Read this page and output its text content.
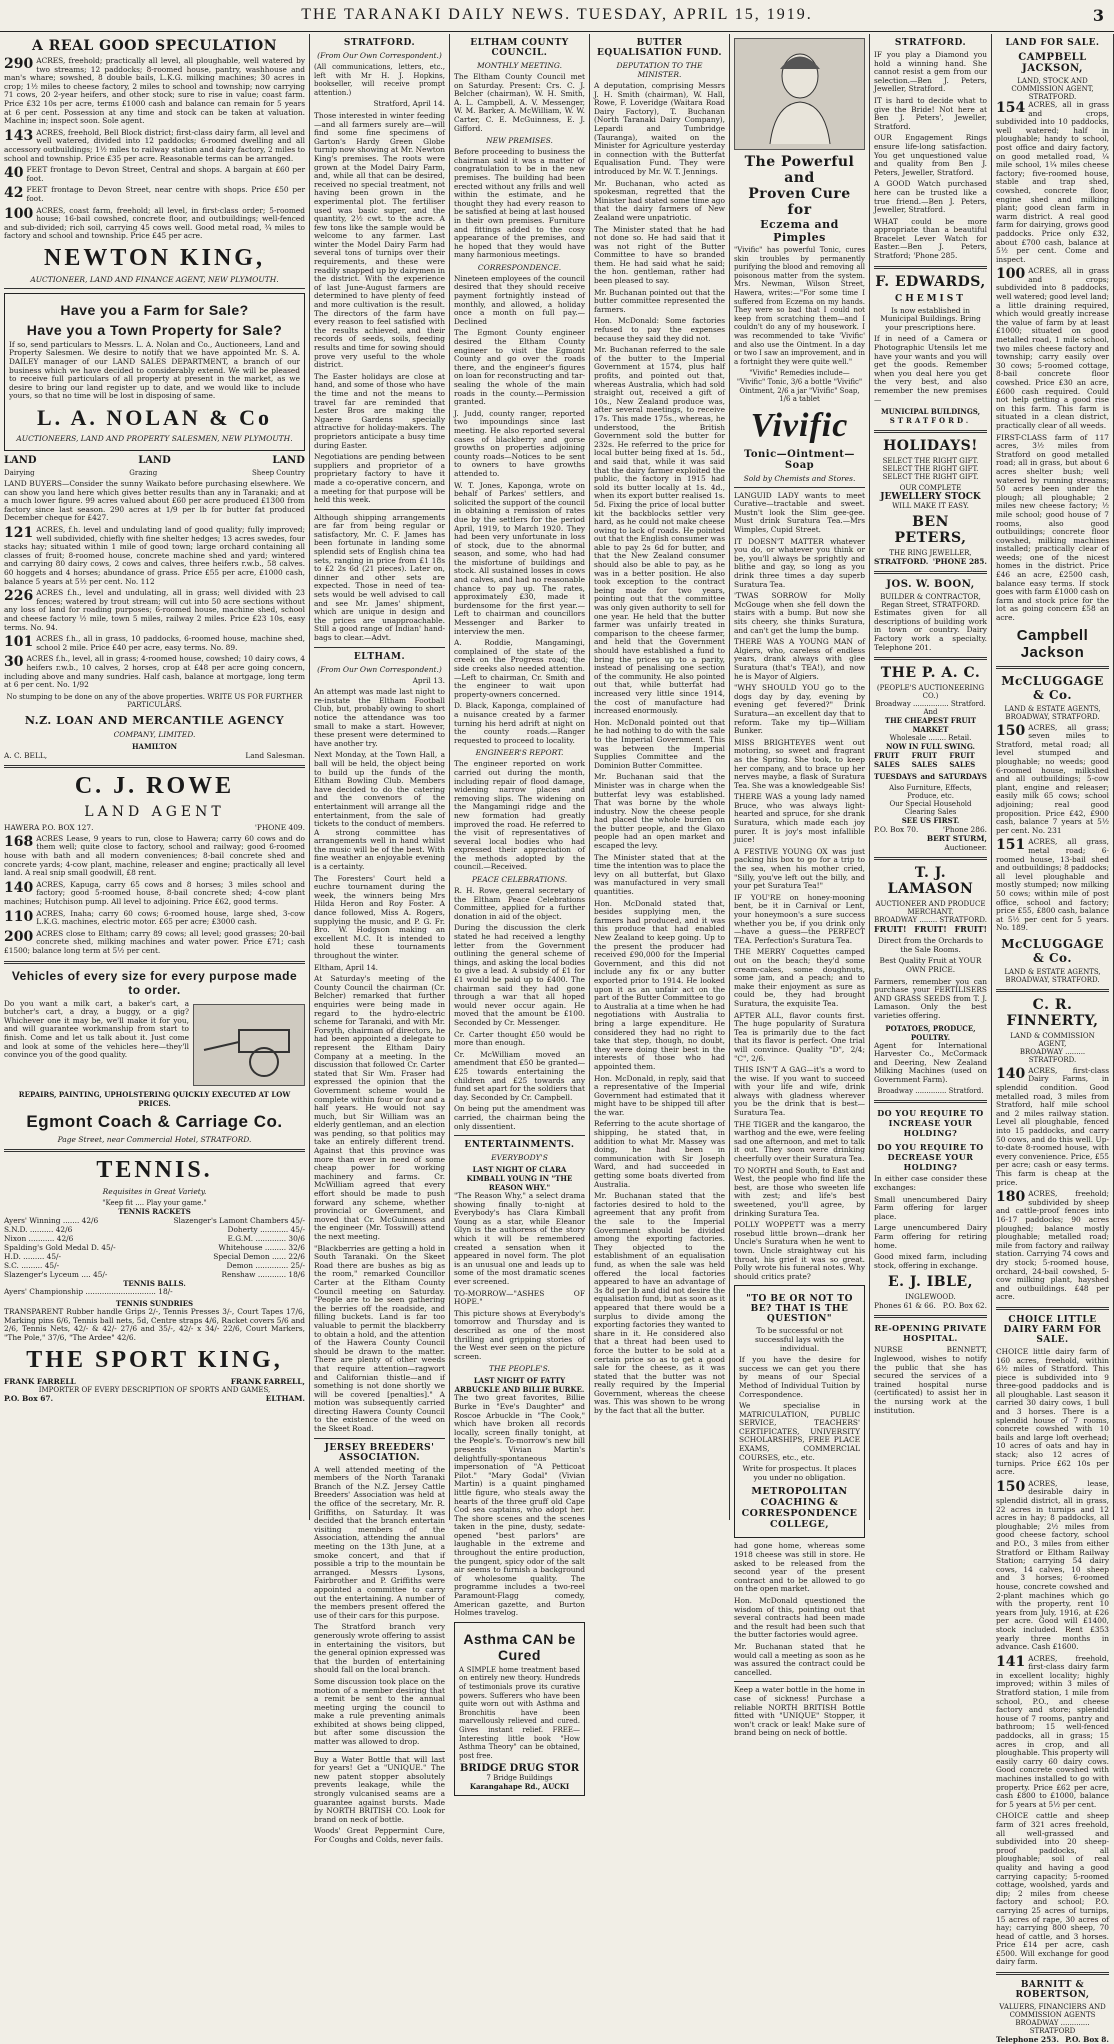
THE TARANAKI DAILY NEWS. TUESDAY, APRIL 15, 1919.	3
A REAL GOOD SPECULATION

290 ACRES, freehold; practically all level, all ploughable, well watered by two streams; 12 paddocks; 8-roomed house, pantry, washhouse and man's whare; sowshed, 8 double bails, L.K.G. milking machines; 30 acres in crop; 1½ miles to cheese factory, 2 miles to school and township; now carrying 71 cows, 20 2-year heifers, and other stock; sure to rise in value; coast farm. Price £32 10s per acre, terms £1000 cash and balance can remain for 5 years at 6 per cent. Possession at any time and stock can be taken at valuation. Machine in; inspect soon. Sole agent.

143 ACRES, freehold, Bell Block district; first-class dairy farm, all level and well watered, divided into 12 paddocks; 6-roomed dwelling and all accessory outbuildings; 1½ miles to railway station and dairy factory, 2 miles to school and township. Price £35 per acre. Reasonable terms can be arranged.

40 FEET frontage to Devon Street, Central and shops. A bargain at £60 per foot.

42 FEET frontage to Devon Street, near centre with shops. Price £50 per foot.

100 ACRES, coast farm, freehold; all level, in first-class order; 5-roomed house; 16-bail cowshed, concrete floor, and outbuildings; well-fenced and sub-divided; rich soil, carrying 45 cows well. Good metal road, ¾ miles to factory and school and township. Price £45 per acre.

NEWTON KING,
AUCTIONEER, LAND AND FINANCE AGENT, NEW PLYMOUTH.
Have you a Farm for Sale?
Have you a Town Property for Sale?

If so, send particulars to Messrs. L. A. Nolan and Co., Auctioneers, Land and Property Salesmen. We desire to notify that we have appointed Mr. S. A. DAILEY manager of our LAND SALES DEPARTMENT, a branch of our business which we have decided to considerably extend. We will be pleased to receive full particulars of all property at present in the market, as we desire to bring our land register up to date, and we would like to include yours, so that no time will be lost in disposing of same.

L. A. NOLAN & Co
AUCTIONEERS, LAND AND PROPERTY SALESMEN, NEW PLYMOUTH.
LAND	LAND	LAND
Dairying	Grazing	Sheep Country

LAND BUYERS—Consider the sunny Waikato before purchasing elsewhere. We can show you land here which gives better results than any in Taranaki; and at a much lower figure. 99 acres valued about £60 per acre produced £1300 from factory since last season. 290 acres at 1/9 per lb for butter fat produced December cheque for £427.

121 ACRES, f.h. level and undulating land of good quality; fully improved; well subdivided, chiefly with fine shelter hedges; 13 acres swedes, four stacks hay; situated within 1 mile of good town; large orchard containing all classes of fruit; 8-roomed house, concrete machine shed and yard; wintered and carrying 80 dairy cows, 2 cows and calves, three heifers r.w.b., 58 calves. 60 hoggets and 4 horses; abundance of grass. Price £55 per acre, £1000 cash, balance 5 years at 5½ per cent. No. 112

226 ACRES f.h., level and undulating, all in grass; well divided with 23 fences; watered by trout stream; will cut into 50 acre sections without any loss of land for roading purposes; 6-roomed house, machine shed, school and cheese factory ½ mile, town 5 miles, railway 2 miles. Price £23 10s, easy terms. No. 94.

101 ACRES f.h., all in grass, 10 paddocks, 6-roomed house, machine shed, school 2 mile. Price £40 per acre, easy terms. No. 89.

30 ACRES f.h., level, all in grass; 4-roomed house, cowshed; 10 dairy cows, 4 heifers r.w.b., 10 calves, 2 horses, crop at £48 per acre going concern, including above and many sundries. Half cash, balance at mortgage, long term at 6 per cent. No. 1/92

No stumping to be done on any of the above properties. WRITE US FOR FURTHER PARTICULARS.

N.Z. LOAN AND MERCANTILE AGENCY
COMPANY, LIMITED.
HAMILTON
A. C. BELL,	Land Salesman.
C. J. ROWE
LAND AGENT
HAWERA P.O. BOX 127.	'PHONE 409.

168 ACRES Lease, 9 years to run, close to Hawera; carry 60 cows and do them well; quite close to factory, school and railway; good 6-roomed house with bath and all modern conveniences; 8-bail concrete shed and concrete yards; 4-cow plant, machine, releaser and engine; practically all level land. A real snip small goodwill, £8 rent.

140 ACRES, Kapuga, carry 65 cows and 8 horses; 3 miles school and factory; good 5-roomed house, 8-bail concrete shed; 4-cow plant machines; Hutchison pump. All level to adjoining. Price £62, good terms.

110 ACRES, Inaha; carry 60 cows; 6-roomed house, large shed, 3-cow L.K.G. machines, electric motor. £65 per acre; £3000 cash.

200 ACRES close to Eltham; carry 89 cows; all level; good grasses; 20-bail concrete shed, milking machines and water power. Price £71; cash £1500; balance long term at 5½ per cent.

Vehicles of every size for every purpose made to order.

Do you want a milk cart, a baker's cart, a butcher's cart, a dray, a buggy, or a gig? Whichever one it may be, we'll make it for you, and will guarantee workmanship from start to finish. Come and let us talk about it. Just come and look at some of the vehicles here—they'll convince you of the good quality.

REPAIRS, PAINTING, UPHOLSTERING QUICKLY EXECUTED AT LOW PRICES.
Egmont Coach & Carriage Co.
Page Street, near Commercial Hotel, STRATFORD.
TENNIS.
Requisites in Great Variety.
"Keep fit .... Play your game."
TENNIS RACKETS
Ayers' Winning ....... 42/6	Slazenger's Lamont Chambers 45/-
S.N.D. .......... 42/6	Doherty ............ 45/-
Nixon ........... 42/6	E.G.M. ............. 30/6
Spalding's Gold Medal D. 45/-	Whitehouse ......... 32/6
H.D. ......... 45/-	Special Demon ...... 22/6
S.C. ......... 45/-	Demon .............. 25/-
Slazenger's Lyceum .... 45/-	Renshaw ............ 18/6
TENNIS BALLS.

Ayers' Championship .............................. 18/-

TENNIS SUNDRIES

TRANSPARENT Rubber handle Grips 2/-, Tennis Presses 3/-, Court Tapes 17/6, Marking pins 6/6, Tennis ball nets, 5d, Centre straps 4/6, Racket covers 5/6 and 2/6, Tennis Nets, 42/- & 42/- 27/6 and 35/-, 42/- x 34/- 22/6, Court Markers, "The Pole," 37/6, "The Ardee" 42/6.

THE SPORT KING,
FRANK FARRELL	FRANK FARRELL,
IMPORTER OF EVERY DESCRIPTION OF SPORTS AND GAMES,
P.O. Box 67.	ELTHAM.
STRATFORD.
(From Our Own Correspondent.)

(All communications, letters, etc., left with Mr H. J. Hopkins, bookseller, will receive prompt attention.)

Stratford, April 14.

Those interested in winter feeding—and all farmers surely are—will find some fine specimens of Garton's Hardy Green Globe turnip now showing at Mr. Newton King's premises. The roots were grown at the Model Dairy Farm, and, while all that can be desired, received no special treatment, not having been grown in the experimental plot. The fertiliser used was basic super, and the quantity, 2½ cwt. to the acre. A few tons like the sample would be welcome to any farmer. Last winter the Model Dairy Farm had several tons of turnips over their requirements, and these were readily snapped up by dairymen in the district. With the experience of last June-August farmers are determined to have plenty of feed and more cultivation is the result. The directors of the farm have every reason to feel satisfied with the results achieved, and their records of seeds, soils, feeding results and time for sowing should prove very useful to the whole district.

The Easter holidays are close at hand, and some of those who have the time and not the means to travel far are reminded that Lester Bros are making the Ngaere Gardens specially attractive for holiday-makers. The proprietors anticipate a busy time during Easter.

Negotiations are pending between suppliers and proprietor of a proprietary factory to have it made a co-operative concern, and a meeting for that purpose will be held this week.

Although shipping arrangements are far from being regular or satisfactory, Mr. C. F. James has been fortunate in landing some splendid sets of English china tea sets, ranging in price from £1 18s to £2 2s 6d (21 pieces). Later on, dinner and other sets are expected. Those in need of tea-sets would be well advised to call and see Mr. James' shipment, which are unique in design and the prices are unapproachable. Still a good range of Indian' hand-bags to clear.—Advt.

ELTHAM.
(From Our Own Correspondent.)

April 13.

An attempt was made last night to re-instate the Eltham Football Club, but, probably owing to short notice the attendance was too small to make a start. However, these present were determined to have another try.

Next Monday, at the Town Hall, a ball will be held, the object being to build up the funds of the Eltham Bowling Club. Members have decided to do the catering and the convenors of the entertainment will arrange all the entertainment, from the sale of tickets to the conduct of members. A strong committee has arrangements well in hand whilst the music will be of the best. With fine weather an enjoyable evening is a certainty.

The Foresters' Court held a euchre tournament during the week, the winners being Mrs Hilda Heron and Roy Foster. A dance followed, Miss A. Rogers, supplying the music, and P. G. Fr. Bro. W. Hodgson making an excellent M.C. It is intended to hold these tournaments throughout the winter.

Eltham, April 14.

At Saturday's meeting of the County Council the chairman (Cr. Belcher) remarked that further enquiries were being made in regard to the hydro-electric scheme for Taranaki, and with Mr. Forsyth, chairman of directors, he had been appointed a delegate to represent the Eltham Dairy Company at a meeting. In the discussion that followed Cr. Carter stated that Sir Wm. Fraser had expressed the opinion that the Government scheme would be complete within four or four and a half years. He would not say much, but Sir William was an elderly gentleman, and an election was pending, so that politics may take an entirely different trend. Against that this province was more than ever in need of some cheap power for working machinery and farms. Cr. McWilliam agreed that every effort should be made to push forward any scheme, whether provincial or Government, and moved that Cr. McGuinness and the engineer (Mr. Tosswill) attend the next meeting.

"Blackberries are getting a hold in South Taranaki. On the Skeet Road there are bushes as big as the room," remarked Councillor Carter at the Eltham County Council meeting on Saturday. "People are to be seen gathering the berries off the roadside, and filling buckets. Land is far too valuable to permit the blackberry to obtain a hold, and the attention of the Hawera County Council should be drawn to the matter. There are plenty of other weeds that require attention—ragwort and Californian thistle—and if something is not done shortly we will be covered [penalties]." A motion was subsequently carried directing Hawera County Council to the existence of the weed on the Skeet Road.

JERSEY BREEDERS' ASSOCIATION.

A well attended meeting of the members of the North Taranaki Branch of the N.Z. Jersey Cattle Breeders' Association was held at the office of the secretary, Mr. R. Griffiths, on Saturday. It was decided that the branch entertain visiting members of the Association, attending the annual meeting on the 13th June, at a smoke concert, and that if possible a trip to the mountain be arranged. Messrs Lysons, Fairbrother and P. Griffiths were appointed a committee to carry out the entertaining. A number of the members present offered the use of their cars for this purpose.

The Stratford branch very generously wrote offering to assist in entertaining the visitors, but the general opinion expressed was that the burden of entertaining should fall on the local branch.

Some discussion took place on the motion of a member desiring that a remit be sent to the annual meeting urging the council to make a rule preventing animals exhibited at shows being clipped, but after some discussion the matter was allowed to drop.

Buy a Water Bottle that will last for years! Get a "UNIQUE." The new patent stopper absolutely prevents leakage, while the strongly vulcanised seams are a guarantee against bursts. Made by NORTH BRITISH CO. Look for brand on neck of bottle.

Woods' Great Peppermint Cure, For Coughs and Colds, never fails.

ELTHAM COUNTY COUNCIL.
MONTHLY MEETING.

The Eltham County Council met on Saturday. Present: Crs. C. J. Belcher (chairman), W. H. Smith, A. L. Campbell, A. V. Messenger, W. M. Barker, A. McWilliam, W. W. Carter, C. E. McGuinness, E. J. Gifford.

NEW PREMISES.

Before proceeding to business the chairman said it was a matter of congratulation to be in the new premises. The building had been erected without any frills and well within the estimate, and he thought they had every reason to be satisfied at being at last housed in their own premises. Furniture and fittings added to the cosy appearance of the premises, and he hoped that they would have many harmonious meetings.

CORRESPONDENCE.

Nineteen employees of the council desired that they should receive payment fortnightly instead of monthly, and allowed, a holiday once a month on full pay.—Declined

The Egmont County engineer desired the Eltham County engineer to visit the Egmont County and go over the roads there, and the engineer's figures on loan for reconstructing and tar-sealing the whole of the main roads in the county.—Permission granted.

J. Judd, county ranger, reported two impoundings since last meeting. He also reported several cases of blackberry and gorse growths on properties adjoining county roads—Notices to be sent to owners to have growths attended to.

W. T. Jones, Kaponga, wrote on behalf of Parkes' settlers, and solicited the support of the council in obtaining a remission of rates due by the settlers for the period April, 1919, to March 1920. They had been very unfortunate in loss of stock, due to the abnormal season, and some, who had had the misfortune of buildings and stock. All sustained losses in cows and calves, and had no reasonable chance to pay up. The rates, approximately £30, made it burdensome for the first year.—Left to chairman and councillors Messenger and Barker to interview the men.

A. Roddie, Mangamingi, complained of the state of the creek on the Progress road; the side creeks also needed attention.—Left to chairman, Cr. Smith and the engineer to wait upon property-owners concerned.

D. Black, Kaponga, complained of a nuisance created by a farmer turning his herd adrift at night on the county roads.—Ranger requested to proceed to locality.

ENGINEER'S REPORT.

The engineer reported on work carried out during the month, including repair of flood damage, widening narrow places and removing slips. The widening on the Mangamingi ridge and the new formation had greatly improved the road. He referred to the visit of representatives of several local bodies who had expressed their appreciation of the methods adopted by the council.—Received.

PEACE CELEBRATIONS.

R. H. Rowe, general secretary of the Eltham Peace Celebrations Committee, applied for a further donation in aid of the object.

During the discussion the clerk stated he had received a lengthy letter from the Government outlining the general scheme of things, and asking the local bodies to give a lead. A subsidy of £1 for £1 would be paid up to £400. The chairman said they had gone through a war that all hoped would never occur again. He moved that the amount be £100. Seconded by Cr. Messenger.

Cr. Carter thought £50 would be more than enough.

Cr. McWilliam moved an amendment that £50 be granted—£25 towards entertaining the children and £25 towards any fund set apart for the soldiers that day. Seconded by Cr. Campbell.

On being put the amendment was carried, the chairman being the only dissentient.

ENTERTAINMENTS.
EVERYBODY'S
LAST NIGHT OF CLARA KIMBALL YOUNG IN "THE REASON WHY."

"The Reason Why," a select drama showing finally to-night at Everybody's has Clara Kimball Young as a star, while Eleanor Glyn is the authoress of the story which it will be remembered created a sensation when it appeared in novel form. The plot is an unusual one and leads up to some of the most dramatic scenes ever screened.

TO-MORROW—"ASHES OF HOPE."

This picture shows at Everybody's tomorrow and Thursday and is described as one of the most thrilling and gripping stories of the West ever seen on the picture screen.

THE PEOPLE'S.
LAST NIGHT OF FATTY ARBUCKLE AND BILLIE BURKE.

The two great favorites, Billie Burke in "Eve's Daughter" and Roscoe Arbuckle in "The Cook," which have broken all records locally, screen finally tonight, at the People's. To-morrow's new bill presents Vivian Martin's delightfully-spontaneous impersonation of "A Petticoat Pilot." "Mary Godal" (Vivian Martin) is a quaint pinghamed little figure, who steals away the hearts of the three gruff old Cape Cod sea captains, who adopt her. The shore scenes and the scenes taken in the pine, dusty, sedate-opened "best parlors" are laughable in the extreme and throughout the entire production, the pungent, spicy odor of the salt air seems to furnish a background of wholesome quality. The programme includes a two-reel Paramount-Flagg comedy, American gazette, and Burton Holmes travelog.

Asthma CAN be Cured

A SIMPLE home treatment based on entirely new theory. Hundreds of testimonials prove its curative powers. Sufferers who have been quite worn out with Asthma and Bronchitis have been marvellously relieved and cured. Gives instant relief. FREE—Interesting little book "How Asthma Theory" can be obtained, post free.

BRIDGE DRUG STOR
7 Bridge Buildings
Karangahape Rd., AUCKI
BUTTER EQUALISATION FUND.
DEPUTATION TO THE MINISTER.

A deputation, comprising Messrs J. H. Smith (chairman), W. Hall, Rowe, F. Loveridge (Waitara Road Dairy Factory), T. Buchanan (North Taranaki Dairy Company), Lepardi and Tumbridge (Tauranga), waited on the Minister for Agriculture yesterday in connection with the Butterfat Equalisation Fund. They were introduced by Mr. W. T. Jennings.

Mr. Buchanan, who acted as spokesman, regretted that the Minister had stated some time ago that the dairy farmers of New Zealand were unpatriotic.

The Minister stated that he had not done so. He had said that it was not right of the Butter Committee to have so branded them. He had said what he said; the hon. gentleman, rather had been pleased to say.

Mr. Buchanan pointed out that the butter committee represented the farmers.

Hon. McDonald: Some factories refused to pay the expenses because they said they did not.

Mr. Buchanan referred to the sale of the butter to the Imperial Government at 1574, plus half profits, and pointed out that, whereas Australia, which had sold straight out, received a gift of 10s., New Zealand produce was, after several meetings, to receive 17s. This made 175s., whereas, he understood, the British Government sold the butter for 232s. He referred to the price for local butter being fixed at 1s. 5d., and said that, while it was said that the dairy farmer exploited the public, the factory in 1915 had sold its butter locally at 1s. 4d., when its export butter realised 1s. 5d. Fixing the price of local butter kit the backblocks settler very hard, as he could not make cheese owing to lack of roads. He pointed out that the English consumer was able to pay 2s 6d for butter, and that the New Zealand consumer should also be able to pay, as he was in a better position. He also took exception to the contract being made for two years, pointing out that the committee was only given authority to sell for one year. He held that the butter farmer was unfairly treated in comparison to the cheese farmer, and held that the Government should have established a fund to bring the prices up to a parity, instead of penalising one section of the community. He also pointed out that, while butterfat had increased very little since 1914, the cost of manufacture had increased enormously.

Hon. McDonald pointed out that he had nothing to do with the sale to the Imperial Government. This was between the Imperial Supplies Committee and the Dominion Butter Committee.

Mr. Buchanan said that the Minister was in charge when the butterfat levy was established. That was borne by the whole industry. Now the cheese people had placed the whole burden on the butter people, and the Glaxo people had an open market and escaped the levy.

The Minister stated that at the time the intention was to place the levy on all butterfat, but Glaxo was manufactured in very small quantities.

Hon. McDonald stated that, besides supplying men, the farmers had produced, and it was this produce that had enabled New Zealand to keep going. Up to the present the producer had received £90,000 for the Imperial Government, and this did not include any fix or any butter exported prior to 1914. He looked upon it as an unfair act on the part of the Butter Committee to go to Australia at a time when he had negotiations with Australia to bring a large expenditure. He considered they had no right to take that step, though, no doubt, they were doing their best in the interests of those who had appointed them.

Hon. McDonald, in reply, said that a representative of the Imperial Government had estimated that it might have to be shipped till after the war.

Referring to the acute shortage of shipping, he stated that, in addition to what Mr. Massey was doing, he had been in communication with Sir Joseph Ward, and had succeeded in getting some boats diverted from Australia.

Mr. Buchanan stated that the factories desired to hold to the agreement that any profit from the sale to the Imperial Government should be divided among the exporting factories. They objected to the establishment of an equalisation fund, as when the sale was held offered the local factories appeared to have an advantage of 3s 8d per lb and did not desire the equalisation fund, but as soon as it appeared that there would be a surplus to divide among the exporting factories they wanted to share in it. He considered also that a threat had been used to force the butter to be sold at a certain price so as to get a good sale for the cheese, as it was stated that the butter was not really required by the Imperial Government, whereas the cheese was. This was shown to be wrong by the fact that all the butter.

The Powerful and
Proven Cure for
Eczema and Pimples

"Vivific" has powerful Tonic, cures skin troubles by permanently purifying the blood and removing all poisonous matter from the system. Mrs. Newman, Wilson Street, Hawera, writes:—"For some time I suffered from Eczema on my hands. They were so bad that I could not keep from scratching them—and I couldn't do any of my housework. I was recommended to take 'Vivific' and also use the Ointment. In a day or two I saw an improvement, and in a fortnight they were quite well."

"Vivific" Remedies include— "Vivific" Tonic, 3/6 a bottle "Vivific" Ointment, 2/6 a jar "Vivific" Soap, 1/6 a tablet

Vivific
Tonic—Ointment—Soap
Sold by Chemists and Stores.

LANGUID LADY wants to meet Curative—tractable and sweet. Mustn't look the Slim gee-gee. Must drink Suratura Tea.—Mrs Wimples, Cupid Street.

IT DOESN'T MATTER whatever you do, or whatever you think or be, you'll always be sprightly and blithe and gay, so long as you drink three times a day superb Suratura Tea.

'TWAS SORROW for Molly McGouge when she fell down the stairs with a bump. But now she sits cheery, she thinks Suratura, and can't get the lump the bump.

THERE WAS A YOUNG MAN of Algiers, who, careless of endless years, drank always with glee Suratura (that's TEA!), and now he is Mayor of Algiers.

"WHY SHOULD YOU go to the dogs day by day, evening by evening get fevered?" Drink Suratura—an excellent day that to reform. Take my tip—William Bunker.

MISS BRIGHTEYES went out motoring, so sweet and fragrant as the Spring. She took, to keep her company, and to brace up her nerves maybe, a flask of Suratura Tea. She was a knowledgeable Sis!

THERE WAS a young lady named Bruce, who was always light-hearted and spruce, for she drank Suratura, which made each joy purer. It is joy's most infallible juice!

A FESTIVE YOUNG OX was just packing his box to go for a trip to the sea, when his mother cried, "Silly, you've left out the billy, and your pet Suratura Tea!"

IF YOU'RE on honey-mooning bent, be it in Carnival or Lent, your honeymoon's a sure success whether you be, if you drink only—have a guess—the PERFECT TEA. Perfection's Suratura Tea.

THE MERRY Coquettes camped out on the beach; they'd some cream-cakes, some doughnuts, some jam, and a peach; and to make their enjoyment as sure as could be, they had brought Suratura, the exquisite Tea.

AFTER ALL, flavor counts first. The huge popularity of Suratura Tea is primarily due to the fact that its flavor is perfect. One trial will convince. Quality "D", 2/4; "C", 2/6.

THIS ISN'T A GAG—it's a word to the wise. If you want to succeed with your life and wife, drink always with gladness wherever you be the drink that is best—Suratura Tea.

THE TIGER and the kangaroo, the warthog and the ewe, were feeling sad one afternoon, and met to talk it out. They soon were drinking cheerfully over their Suratura Tea.

TO NORTH and South, to East and West, the people who find life the best, are those who sweeten life with zest; and life's best sweetened, you'll agree, by drinking Suratura Tea.

POLLY WOPPETT was a merry rosebud little brown—drank her Uncle's Suratura when he went to town. Uncle straightway cut his throat, his grief it was so great. Polly wrote his funeral notes. Why should critics prate?

"TO BE OR NOT TO BE? THAT IS THE QUESTION"

To be successful or not successful lays with the individual.

If you have the desire for success we can get you there by means of our Special Method of Individual Tuition by Correspondence.

We specialise in MATRICULATION, PUBLIC SERVICE, TEACHERS' CERTIFICATES, UNIVERSITY SCHOLARSHIPS, FREE PLACE EXAMS, COMMERCIAL COURSES, etc., etc.

Write for prospectus. It places you under no obligation.

METROPOLITAN COACHING & CORRESPONDENCE COLLEGE,

had gone home, whereas some 1918 cheese was still in store. He asked to be released from the second year of the present contract and to be allowed to go on the open market.

Hon. McDonald questioned the wisdom of this, pointing out that several contracts had been made and the result had been such that the butter factories would agree.

Mr. Buchanan stated that he would call a meeting as soon as he was assured the contract could be cancelled.

Keep a water bottle in the home in case of sickness! Purchase a reliable NORTH BRITISH Bottle fitted with "UNIQUE" Stopper, it won't crack or leak! Make sure of brand being on neck of bottle.

STRATFORD.

IF you play a Diamond you hold a winning hand. She cannot resist a gem from our selection.—Ben J. Peters, Jeweller, Stratford.

IT is hard to decide what to give the Bride! Not here at Ben J. Peters', Jeweller, Stratford.

OUR Engagement Rings ensure life-long satisfaction. You get unquestioned value and quality from Ben J. Peters, Jeweller, Stratford.

A GOOD Watch purchased here can be trusted like a true friend.—Ben J. Peters, Jeweller, Stratford.

WHAT could be more appropriate than a beautiful Bracelet Lever Watch for Easter.—Ben J. Peters, Stratford; 'Phone 285.

F. EDWARDS,
CHEMIST

Is now established in Municipal Buildings. Bring your prescriptions here.

If in need of a Camera or Photographic Utensils let me have your wants and you will get the goods. Remember when you deal here you get the very best, and also remember the new premises—

MUNICIPAL BUILDINGS,
STRATFORD.
HOLIDAYS!
SELECT THE RIGHT GIFT.
SELECT THE RIGHT GIFT.
SELECT THE RIGHT GIFT.
OUR COMPLETE
JEWELLERY STOCK
WILL MAKE IT EASY.
BEN PETERS,
THE RING JEWELLER,
STRATFORD. 'PHONE 285.
JOS. W. BOON,
BUILDER & CONTRACTOR,
Regan Street, STRATFORD.

Estimates given for all descriptions of building work in town or country. Dairy Factory work a specialty. Telephone 201.

THE P. A. C.
(PEOPLE'S AUCTIONEERING CO.)
Broadway ................ Stratford.
And
THE CHEAPEST FRUIT MARKET
Wholesale ........ Retail.
NOW IN FULL SWING.
FRUIT SALES
FRUIT SALES
FRUIT SALES
TUESDAYS and SATURDAYS
Also Furniture, Effects, Produce, etc.
Our Special Household Clearing Sales
SEE US FIRST.
P.O. Box 70.	'Phone 286.
BERT STURM,
Auctioneer.
T. J. LAMASON
AUCTIONEER AND PRODUCE MERCHANT.
BROADWAY ........ STRATFORD.
FRUIT! FRUIT! FRUIT!

Direct from the Orchards to the Sale Rooms.

Best Quality Fruit at YOUR OWN PRICE.

Farmers, remember you can purchase your FERTILISERS AND GRASS SEEDS from T. J. Lamason. Only the best varieties offering.

POTATOES, PRODUCE, POULTRY.

Agent for International Harvester Co., McCormack and Deering, New Zealand Milking Machines (used on Government Farm).

Broadway .............. Stratford.
DO YOU REQUIRE TO INCREASE YOUR HOLDING?
DO YOU REQUIRE TO DECREASE YOUR HOLDING?

In either case consider these exchanges:

Small unencumbered Dairy Farm offering for larger place.

Large unencumbered Dairy Farm offering for retiring home.

Good mixed farm, including stock, offering in exchange.

E. J. IBLE,
INGLEWOOD.
Phones 61 & 66. P.O. Box 62.
RE-OPENING PRIVATE HOSPITAL.

NURSE BENNETT, Inglewood, wishes to notify the public that she has secured the services of a trained hospital nurse (certificated) to assist her in the nursing work at the institution.

LAND FOR SALE.
CAMPBELL JACKSON,
LAND, STOCK AND COMMISSION AGENT, STRATFORD.

154 ACRES, all in grass and crops, subdivided into 10 paddocks, well watered; half in ploughable; handy to school, post office and dairy factory, on good metalled road, ¼ mile school, 1¼ miles cheese factory; five-roomed house, stable and trap shed, cowshed, concrete floor, engine shed and milking plant; good clean farm in warm district. A real good farm for dairying, grows good paddocks. Price only £32, about £700 cash, balance at 5½ per cent. Come and inspect.

100 ACRES, all in grass and crops; subdivided into 8 paddocks, well watered; good level land; a little draining required, which would greatly increase the value of farm by at least £1000; situated on good metalled road, 1 mile school, two miles cheese factory and township; carry easily over 30 cows; 5-roomed cottage, 8-bail concrete floor cowshed. Price £30 an acre, £600 cash required. Could not help getting a good rise on this farm. This farm is situated in a clean district, practically clear of all weeds.

FIRST-CLASS farm of 117 acres, 3½ miles from Stratford on good metalled road; all in grass, but about 6 acres shelter bush; well watered by running streams; 50 acres been under the plough; all ploughable; 2 miles new cheese factory; ½ mile school; good house of 7 rooms, also good outbuildings; concrete floor cowshed, milking machines installed; practically clear of weeds; one of the nicest homes in the district. Price £46 an acre, £2500 cash, balance easy terms. If stock goes with farm £1000 cash on farm and stock price for the lot as going concern £58 an acre.

Campbell Jackson
McCLUGGAGE & Co.
LAND & ESTATE AGENTS,
BROADWAY, STRATFORD.

150 ACRES, all grass; seven miles to Stratford, metal road; all level stumped and ploughable; no weeds; good 6-roomed house, milkshed and all outbuildings; 5-cow plant, engine and releaser; easily milk 65 cows; school adjoining; real good proposition. Price £42, £900 cash, balance 7 years at 5½ per cent. No. 231

151 ACRES, all grass, metal road; 6-roomed house, 13-bail shed and outbuildings; 8 paddocks; all level ploughable and mostly stumped; now milking 50 cows; within mile of post office, school and factory; price £55, £800 cash, balance at 5½ per cent for 5 years. No. 189.

McCLUGGAGE & Co.
LAND & ESTATE AGENTS,
BROADWAY, STRATFORD.
C. R. FINNERTY,
LAND & COMMISSION AGENT,
BROADWAY ......... STRATFORD.

140 ACRES, first-class Dairy Farms, in splendid condition. Good metalled road, 3 miles from Stratford, half mile school and 2 miles railway station. Level all ploughable, fenced into 15 paddocks, and carry 50 cows, and do this well. Up-to-date 8-roomed house, with every convenience. Price, £55 per acre; cash or easy terms. This farm is cheap at the price.

180 ACRES, freehold; subdivided by sheep and cattle-proof fences into 16-17 paddocks; 90 acres ploughed; balance mostly ploughable; metalled road; mile from factory and railway station. Carrying 74 cows and dry stock; 5-roomed house, orchard, 24-bail cowshed, 5-cow milking plant, hayshed and outbuildings. £48 per acre.

CHOICE LITTLE DAIRY FARM FOR SALE.

CHOICE little dairy farm of 160 acres, freehold, within 6½ miles of Stratford. This piece is subdivided into 9 three-good paddocks and is all ploughable. Last season it carried 30 dairy cows, 1 bull and 3 horses. There is a splendid house of 7 rooms, concrete cowshed with 10 bails and large loft overhead; 10 acres of oats and hay in stack; also 12 acres of turnips. Price £62 10s per acre.

150 ACRES, lease, desirable dairy in splendid district, all in grass, 22 acres in turnips and 12 acres in hay; 8 paddocks, all ploughable; 2½ miles from good cheese factory, school and P.O., 3 miles from either Stratford or Eltham Railway Station; carrying 54 dairy cows, 14 calves, 10 sheep and 3 horses; 6-roomed house, concrete cowshed and 2-plant machines which go with the property, rent 10 years from July, 1916, at £26 per acre. Good will £1400, stock included. Rent £353 yearly three months in advance. Cash £1600.

141 ACRES, freehold, first-class dairy farm in excellent locality; highly improved; within 3 miles of Stratford station, 1 mile from school, P.O., and cheese factory and store; splendid house of 7 rooms, pantry and bathroom; 15 well-fenced paddocks, all in grass; 15 acres in crop, and all ploughable. This property will easily carry 60 dairy cows. Good concrete cowshed with machines installed to go with property. Price £62 per acre, cash £800 to £1000, balance for 5 years at 5½ per cent.

CHOICE cattle and sheep farm of 321 acres freehold, all well-grassed and subdivided into 20 sheep-proof paddocks, all ploughable; soil of real quality and having a good carrying capacity; 5-roomed cottage, woolshed, yards and dip; 2 miles from cheese factory and school; P.O. carrying 25 acres of turnips, 15 acres of rape, 30 acres of hay; carrying 800 sheep, 70 head of cattle, and 3 horses. Price £14 per acre, cash £500. Will exchange for good dairy farm.

BARNITT & ROBERTSON,
VALUERS, FINANCIERS AND COMMISSION AGENTS
BROADWAY ............. STRATFORD
Telephone 253. P.O. Box 8.
